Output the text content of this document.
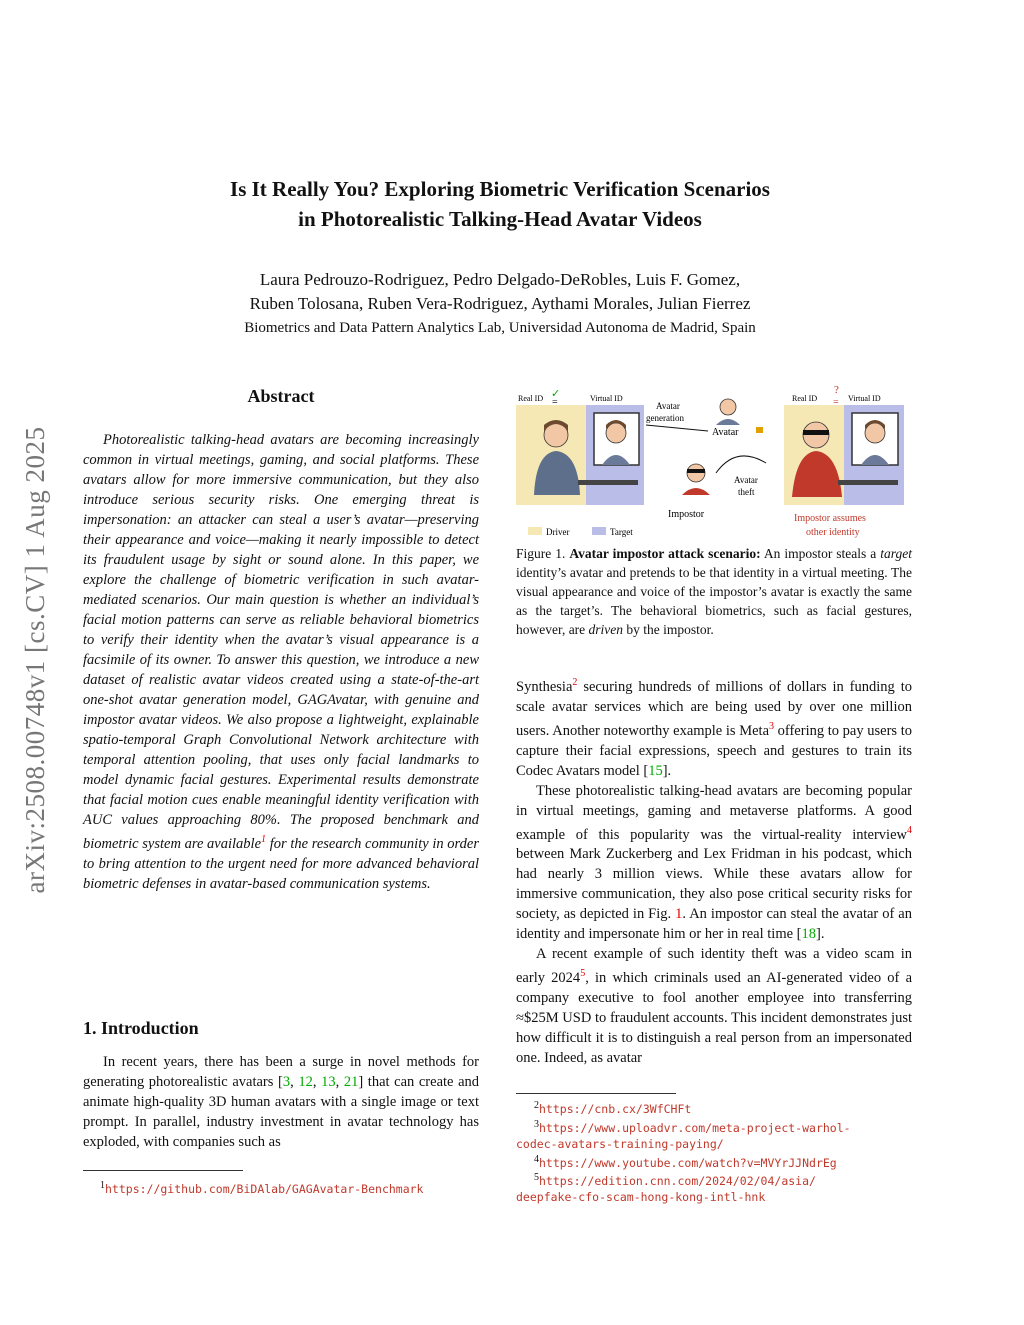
arXiv:2508.00748v1 [cs.CV] 1 Aug 2025
Is It Really You? Exploring Biometric Verification Scenarios
in Photorealistic Talking-Head Avatar Videos
Laura Pedrouzo-Rodriguez, Pedro Delgado-DeRobles, Luis F. Gomez,
Ruben Tolosana, Ruben Vera-Rodriguez, Aythami Morales, Julian Fierrez
Biometrics and Data Pattern Analytics Lab, Universidad Autonoma de Madrid, Spain
Abstract
Photorealistic talking-head avatars are becoming increasingly common in virtual meetings, gaming, and social platforms. These avatars allow for more immersive communication, but they also introduce serious security risks. One emerging threat is impersonation: an attacker can steal a user’s avatar—preserving their appearance and voice—making it nearly impossible to detect its fraudulent usage by sight or sound alone. In this paper, we explore the challenge of biometric verification in such avatar-mediated scenarios. Our main question is whether an individual’s facial motion patterns can serve as reliable behavioral biometrics to verify their identity when the avatar’s visual appearance is a facsimile of its owner. To answer this question, we introduce a new dataset of realistic avatar videos created using a state-of-the-art one-shot avatar generation model, GAGAvatar, with genuine and impostor avatar videos. We also propose a lightweight, explainable spatio-temporal Graph Convolutional Network architecture with temporal attention pooling, that uses only facial landmarks to model dynamic facial gestures. Experimental results demonstrate that facial motion cues enable meaningful identity verification with AUC values approaching 80%. The proposed benchmark and biometric system are available$^1$ for the research community in order to bring attention to the urgent need for more advanced behavioral biometric defenses in avatar-based communication systems.
1. Introduction

In recent years, there has been a surge in novel methods for generating photorealistic avatars [3, 12, 13, 21] that can create and animate high-quality 3D human avatars with a single image or text prompt. In parallel, industry investment in avatar technology has exploded, with companies such as

$^1$https://github.com/BiDAlab/GAGAvatar-Benchmark
Real ID ✓
=	Virtual ID
Avatar
generation
Avatar
Impostor
Avatar
theft
Real ID
?
= Virtual ID
Impostor assumes
other identity
Driver	Target
Figure 1. Avatar impostor attack scenario: An impostor steals a target identity’s avatar and pretends to be that identity in a virtual meeting. The visual appearance and voice of the impostor’s avatar is exactly the same as the target’s. The behavioral biometrics, such as facial gestures, however, are driven by the impostor.

Synthesia$^2$ securing hundreds of millions of dollars in funding to scale avatar services which are being used by over one million users. Another noteworthy example is Meta$^3$ offering to pay users to capture their facial expressions, speech and gestures to train its Codec Avatars model [15].

These photorealistic talking-head avatars are becoming popular in virtual meetings, gaming and metaverse platforms. A good example of this popularity was the virtual-reality interview$^4$ between Mark Zuckerberg and Lex Fridman in his podcast, which had nearly 3 million views. While these avatars allow for immersive communication, they also pose critical security risks for society, as depicted in Fig. 1. An impostor can steal the avatar of an identity and impersonate him or her in real time [18].

A recent example of such identity theft was a video scam in early 2024$^5$, in which criminals used an AI-generated video of a company executive to fool another employee into transferring ≈$25M USD to fraudulent accounts. This incident demonstrates just how difficult it is to distinguish a real person from an impersonated one. Indeed, as avatar

$^2$https://cnb.cx/3WfCHFt
$^3$https://www.uploadvr.com/meta-project-warhol-
codec-avatars-training-paying/
$^4$https://www.youtube.com/watch?v=MVYrJJNdrEg
$^5$https://edition.cnn.com/2024/02/04/asia/
deepfake-cfo-scam-hong-kong-intl-hnk
